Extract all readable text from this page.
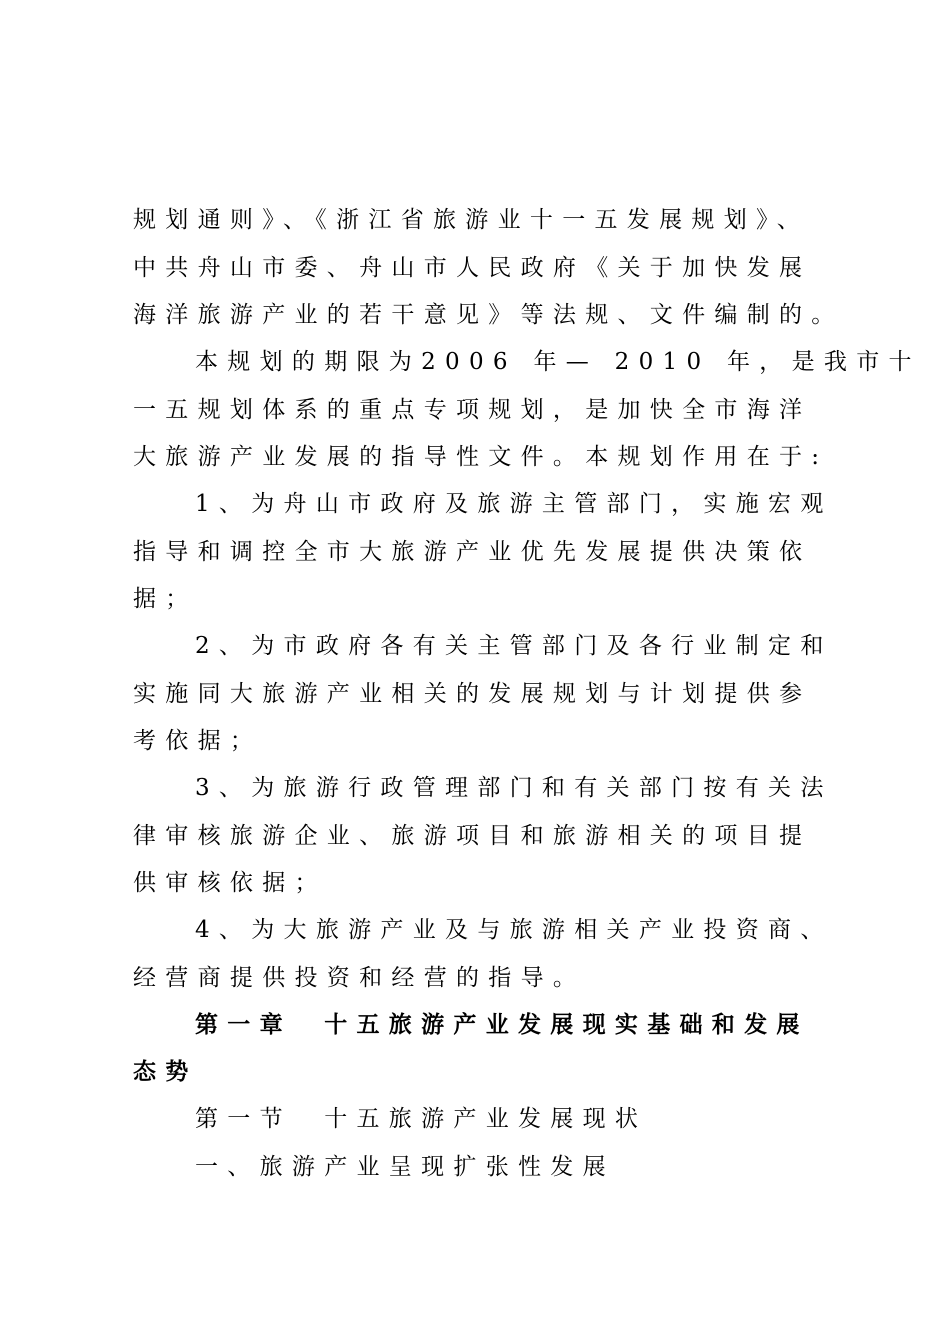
规划通则》、《浙江省旅游业十一五发展规划》、
中共舟山市委、舟山市人民政府《关于加快发展
海洋旅游产业的若干意见》等法规、文件编制的。
本规划的期限为2006 年— 2010 年，是我市十
一五规划体系的重点专项规划，是加快全市海洋
大旅游产业发展的指导性文件。本规划作用在于:
1、为舟山市政府及旅游主管部门，实施宏观
指导和调控全市大旅游产业优先发展提供决策依
据；
2、为市政府各有关主管部门及各行业制定和
实施同大旅游产业相关的发展规划与计划提供参
考依据；
3、为旅游行政管理部门和有关部门按有关法
律审核旅游企业、旅游项目和旅游相关的项目提
供审核依据；
4、为大旅游产业及与旅游相关产业投资商、
经营商提供投资和经营的指导。
第一章　十五旅游产业发展现实基础和发展
态势
第一节　十五旅游产业发展现状
一、旅游产业呈现扩张性发展
